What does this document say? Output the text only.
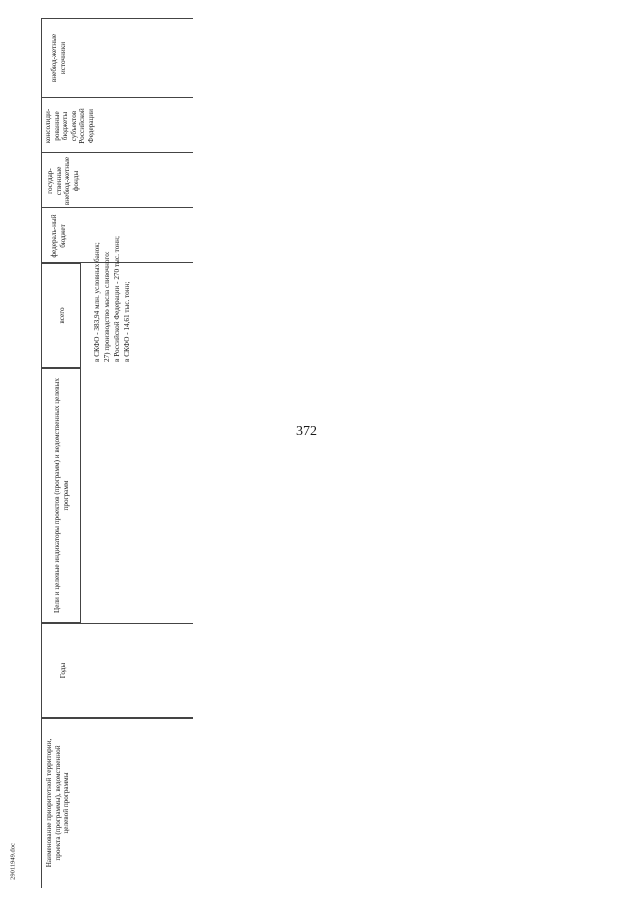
372
29011949.doc	Наименование приоритетной территории, проекта (программы), ведомственной целевой программы
Годы
Цели и целевые индикаторы проектов (программ) и ведомственных целевых программ
всего
федераль-ный бюджет
государ-ственные внебюд-жетные фонды
консолиди-рованные бюджеты субъектов Российской Федерации
внебюд-жетные источники
в СКФО - 383,94 млн. условных банок; 27) производство масла сливочного: в Российской Федерации - 270 тыс. тонн; в СКФО - 14,61 тыс. тонн;
